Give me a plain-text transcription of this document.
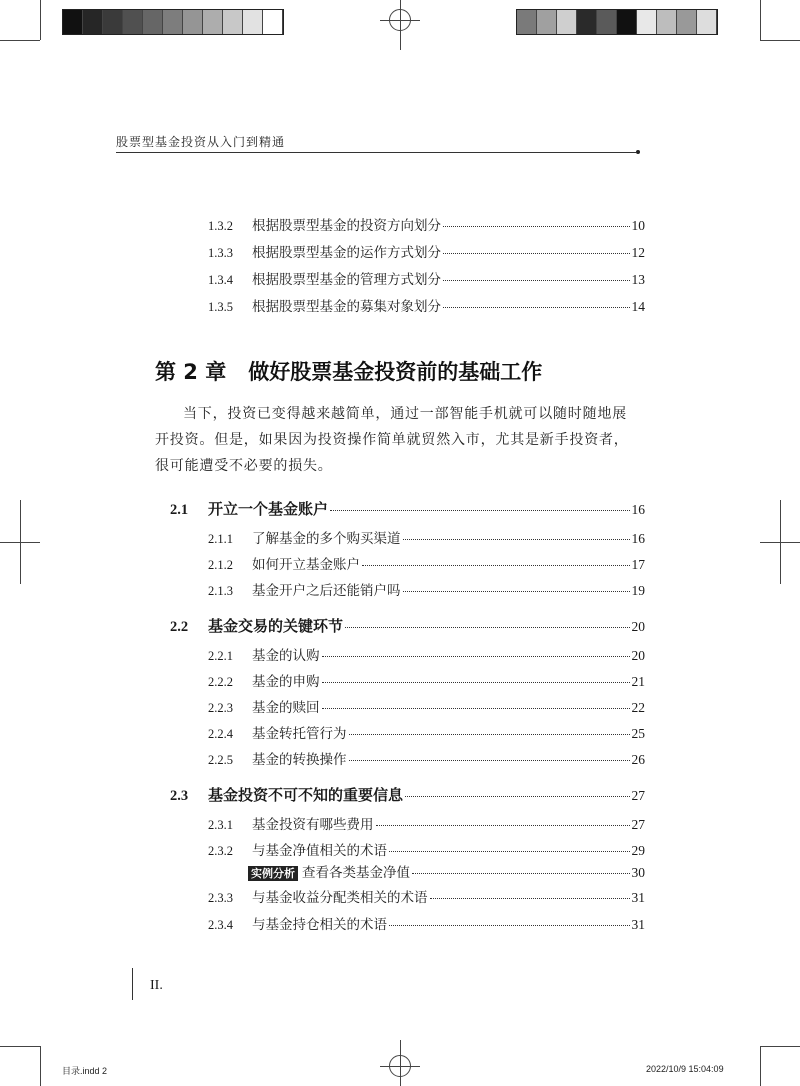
股票型基金投资从入门到精通
1.3.2	根据股票型基金的投资方向划分	10
1.3.3	根据股票型基金的运作方式划分	12
1.3.4	根据股票型基金的管理方式划分	13
1.3.5	根据股票型基金的募集对象划分	14
第 2 章 做好股票基金投资前的基础工作
当下，投资已变得越来越简单，通过一部智能手机就可以随时随地展开投资。但是，如果因为投资操作简单就贸然入市，尤其是新手投资者，很可能遭受不必要的损失。
2.1	开立一个基金账户	16
2.1.1	了解基金的多个购买渠道	16
2.1.2	如何开立基金账户	17
2.1.3	基金开户之后还能销户吗	19
2.2	基金交易的关键环节	20
2.2.1	基金的认购	20
2.2.2	基金的申购	21
2.2.3	基金的赎回	22
2.2.4	基金转托管行为	25
2.2.5	基金的转换操作	26
2.3	基金投资不可不知的重要信息	27
2.3.1	基金投资有哪些费用	27
2.3.2	与基金净值相关的术语	29
实例分析 查看各类基金净值	30
2.3.3	与基金收益分配类相关的术语	31
2.3.4	与基金持仓相关的术语	31
II.
目录.indd 2	2022/10/9 15:04:09
